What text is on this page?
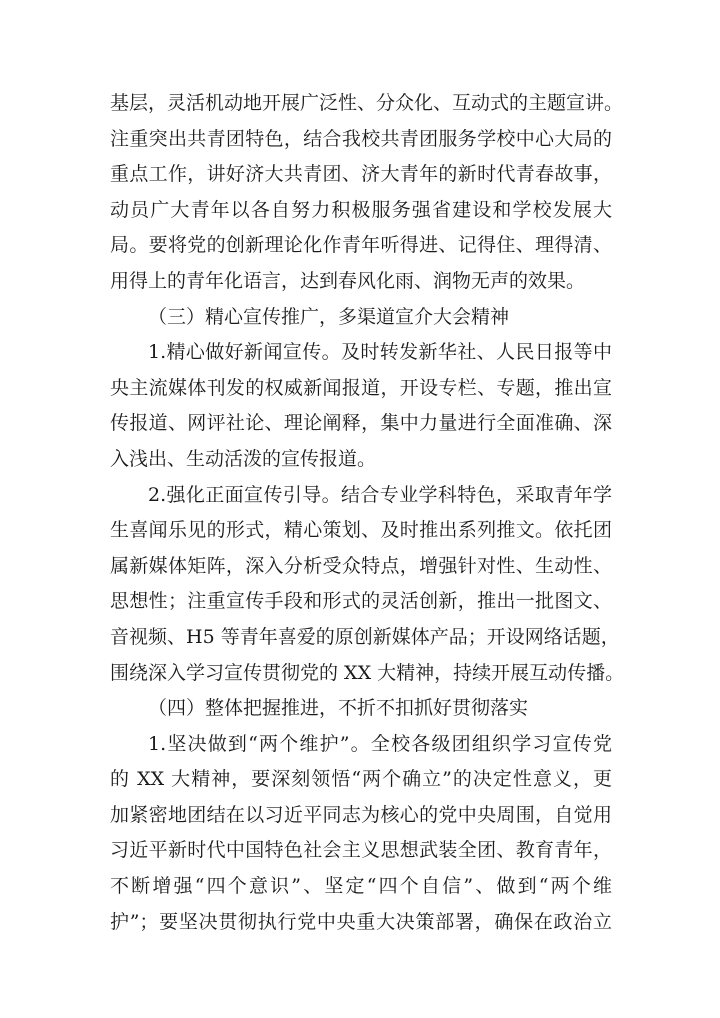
基层，灵活机动地开展广泛性、分众化、互动式的主题宣讲。
注重突出共青团特色，结合我校共青团服务学校中心大局的
重点工作，讲好济大共青团、济大青年的新时代青春故事，
动员广大青年以各自努力积极服务强省建设和学校发展大
局。要将党的创新理论化作青年听得进、记得住、理得清、
用得上的青年化语言，达到春风化雨、润物无声的效果。
（三）精心宣传推广，多渠道宣介大会精神
1.精心做好新闻宣传。及时转发新华社、人民日报等中
央主流媒体刊发的权威新闻报道，开设专栏、专题，推出宣
传报道、网评社论、理论阐释，集中力量进行全面准确、深
入浅出、生动活泼的宣传报道。
2.强化正面宣传引导。结合专业学科特色，采取青年学
生喜闻乐见的形式，精心策划、及时推出系列推文。依托团
属新媒体矩阵，深入分析受众特点，增强针对性、生动性、
思想性；注重宣传手段和形式的灵活创新，推出一批图文、
音视频、H5 等青年喜爱的原创新媒体产品；开设网络话题，
围绕深入学习宣传贯彻党的 XX 大精神，持续开展互动传播。
（四）整体把握推进，不折不扣抓好贯彻落实
1.坚决做到“两个维护”。全校各级团组织学习宣传党
的 XX 大精神，要深刻领悟“两个确立”的决定性意义，更
加紧密地团结在以习近平同志为核心的党中央周围，自觉用
习近平新时代中国特色社会主义思想武装全团、教育青年，
不断增强“四个意识”、坚定“四个自信”、做到“两个维
护”；要坚决贯彻执行党中央重大决策部署，确保在政治立
